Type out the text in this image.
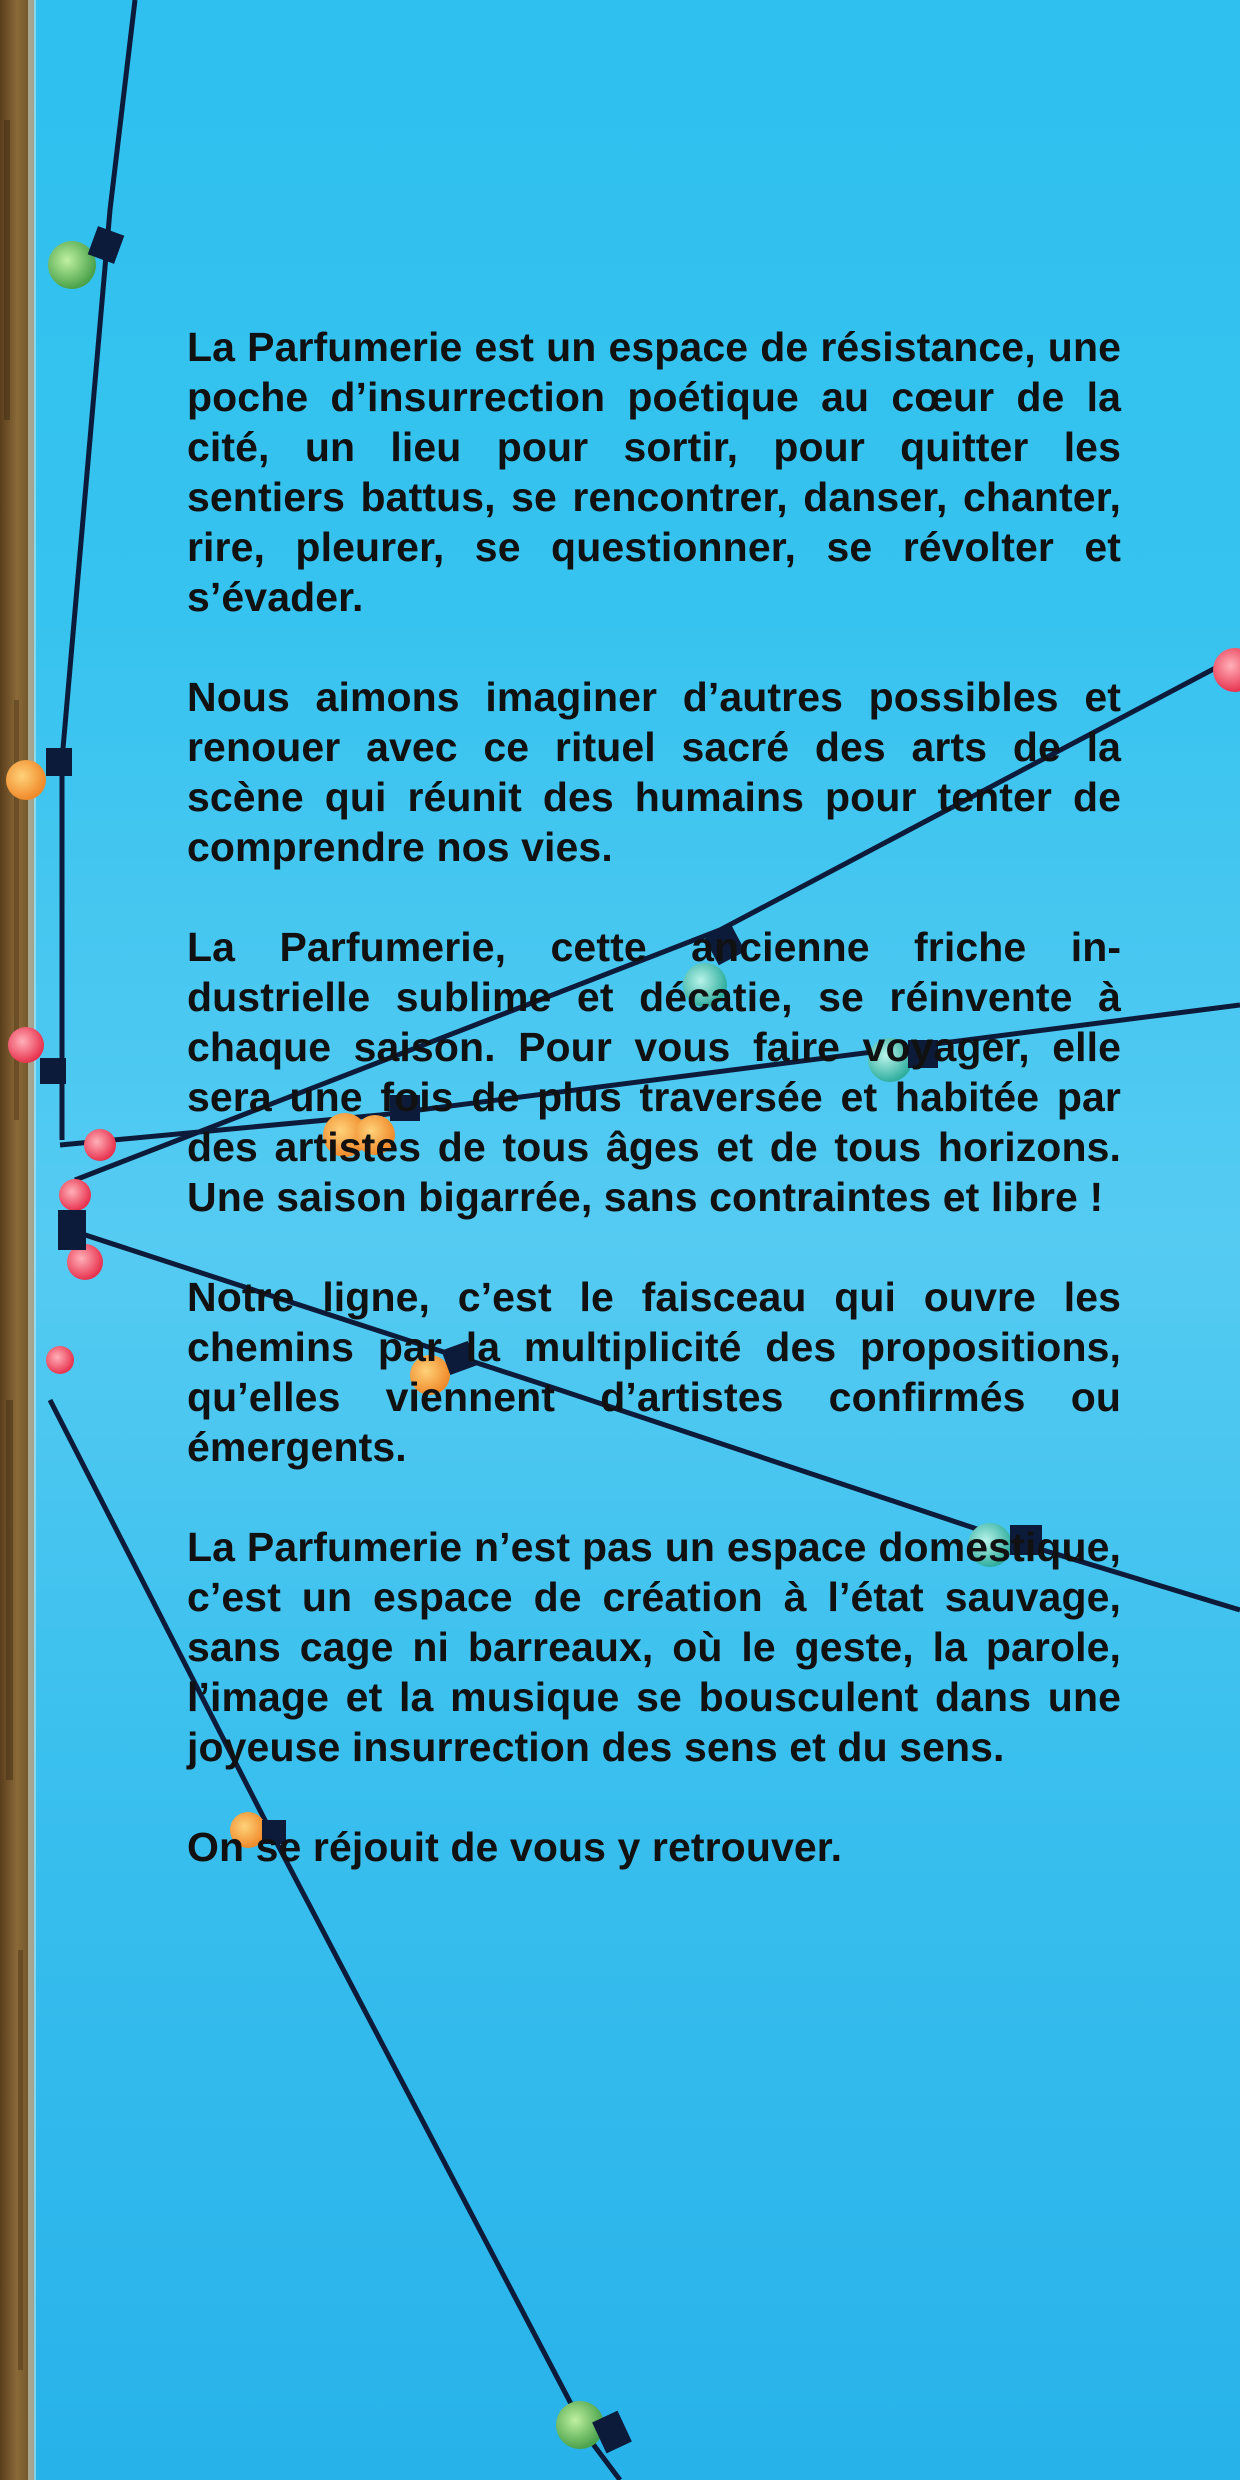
La Parfumerie est un espace de résistance, une poche d’insurrection poétique au cœur de la cité, un lieu pour sortir, pour quitter les sentiers battus, se rencontrer, danser, chanter, rire, pleurer, se questionner, se révolter et s’évader.

Nous aimons imaginer d’autres possibles et renouer avec ce rituel sacré des arts de la scène qui réunit des humains pour tenter de comprendre nos vies.

La Parfumerie, cette ancienne friche industrielle sublime et décatie, se réinvente à chaque saison. Pour vous faire voyager, elle sera une fois de plus traversée et habitée par des artistes de tous âges et de tous horizons. Une saison bigarrée, sans contraintes et libre !

Notre ligne, c’est le faisceau qui ouvre les chemins par la multiplicité des propositions, qu’elles viennent d’artistes confirmés ou émergents.

La Parfumerie n’est pas un espace domestique, c’est un espace de création à l’état sauvage, sans cage ni barreaux, où le geste, la parole, l’image et la musique se bousculent dans une joyeuse insurrection des sens et du sens.

On se réjouit de vous y retrouver.
